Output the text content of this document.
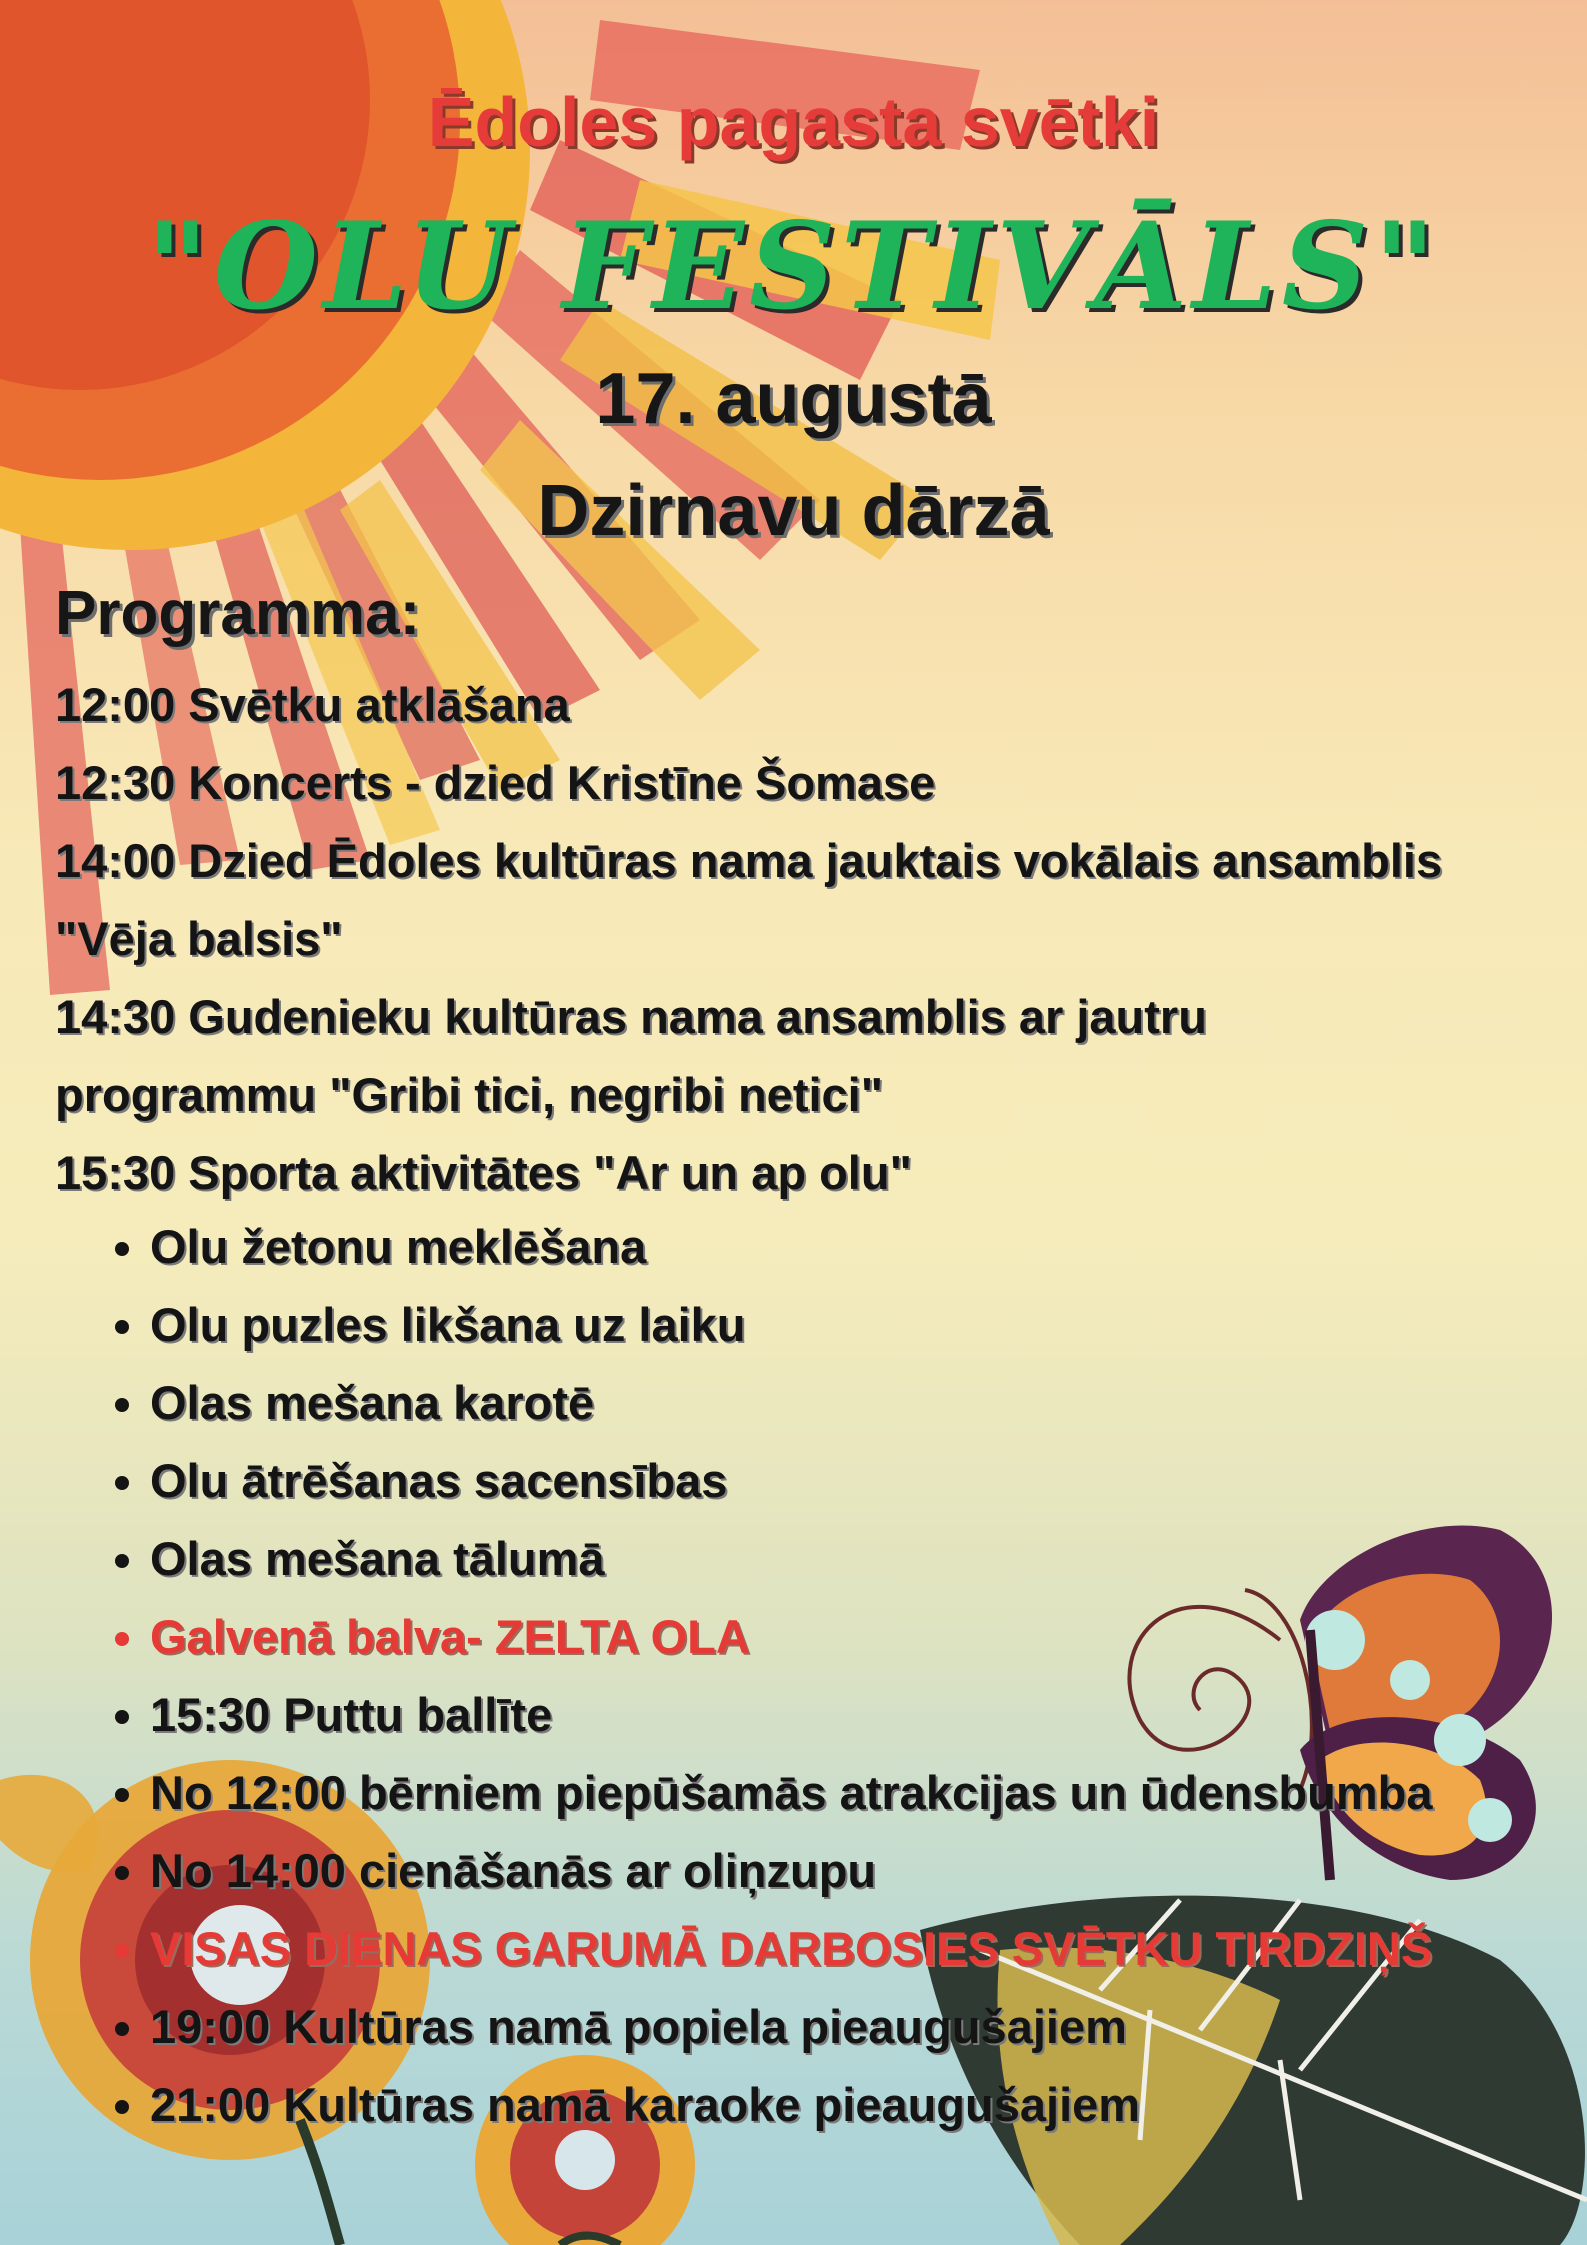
Ēdoles pagasta svētki
"OLU FESTIVĀLS"
17. augustā
Dzirnavu dārzā
Programma:
12:00 Svētku atklāšana
12:30 Koncerts - dzied Kristīne Šomase
14:00 Dzied Ēdoles kultūras nama jauktais vokālais ansamblis
"Vēja balsis"
14:30 Gudenieku kultūras nama ansamblis ar jautru
programmu "Gribi tici, negribi netici"
15:30 Sporta aktivitātes "Ar un ap olu"
• Olu žetonu meklēšana
• Olu puzles likšana uz laiku
• Olas mešana karotē
• Olu ātrēšanas sacensības
• Olas mešana tālumā
• Galvenā balva- ZELTA OLA
• 15:30 Puttu ballīte
• No 12:00 bērniem piepūšamās atrakcijas un ūdensbumba
• No 14:00 cienāšanās ar oliņzupu
• VISAS DIENAS GARUMĀ DARBOSIES SVĒTKU TIRDZIŅŠ
• 19:00 Kultūras namā popiela pieaugušajiem
• 21:00 Kultūras namā karaoke pieaugušajiem
